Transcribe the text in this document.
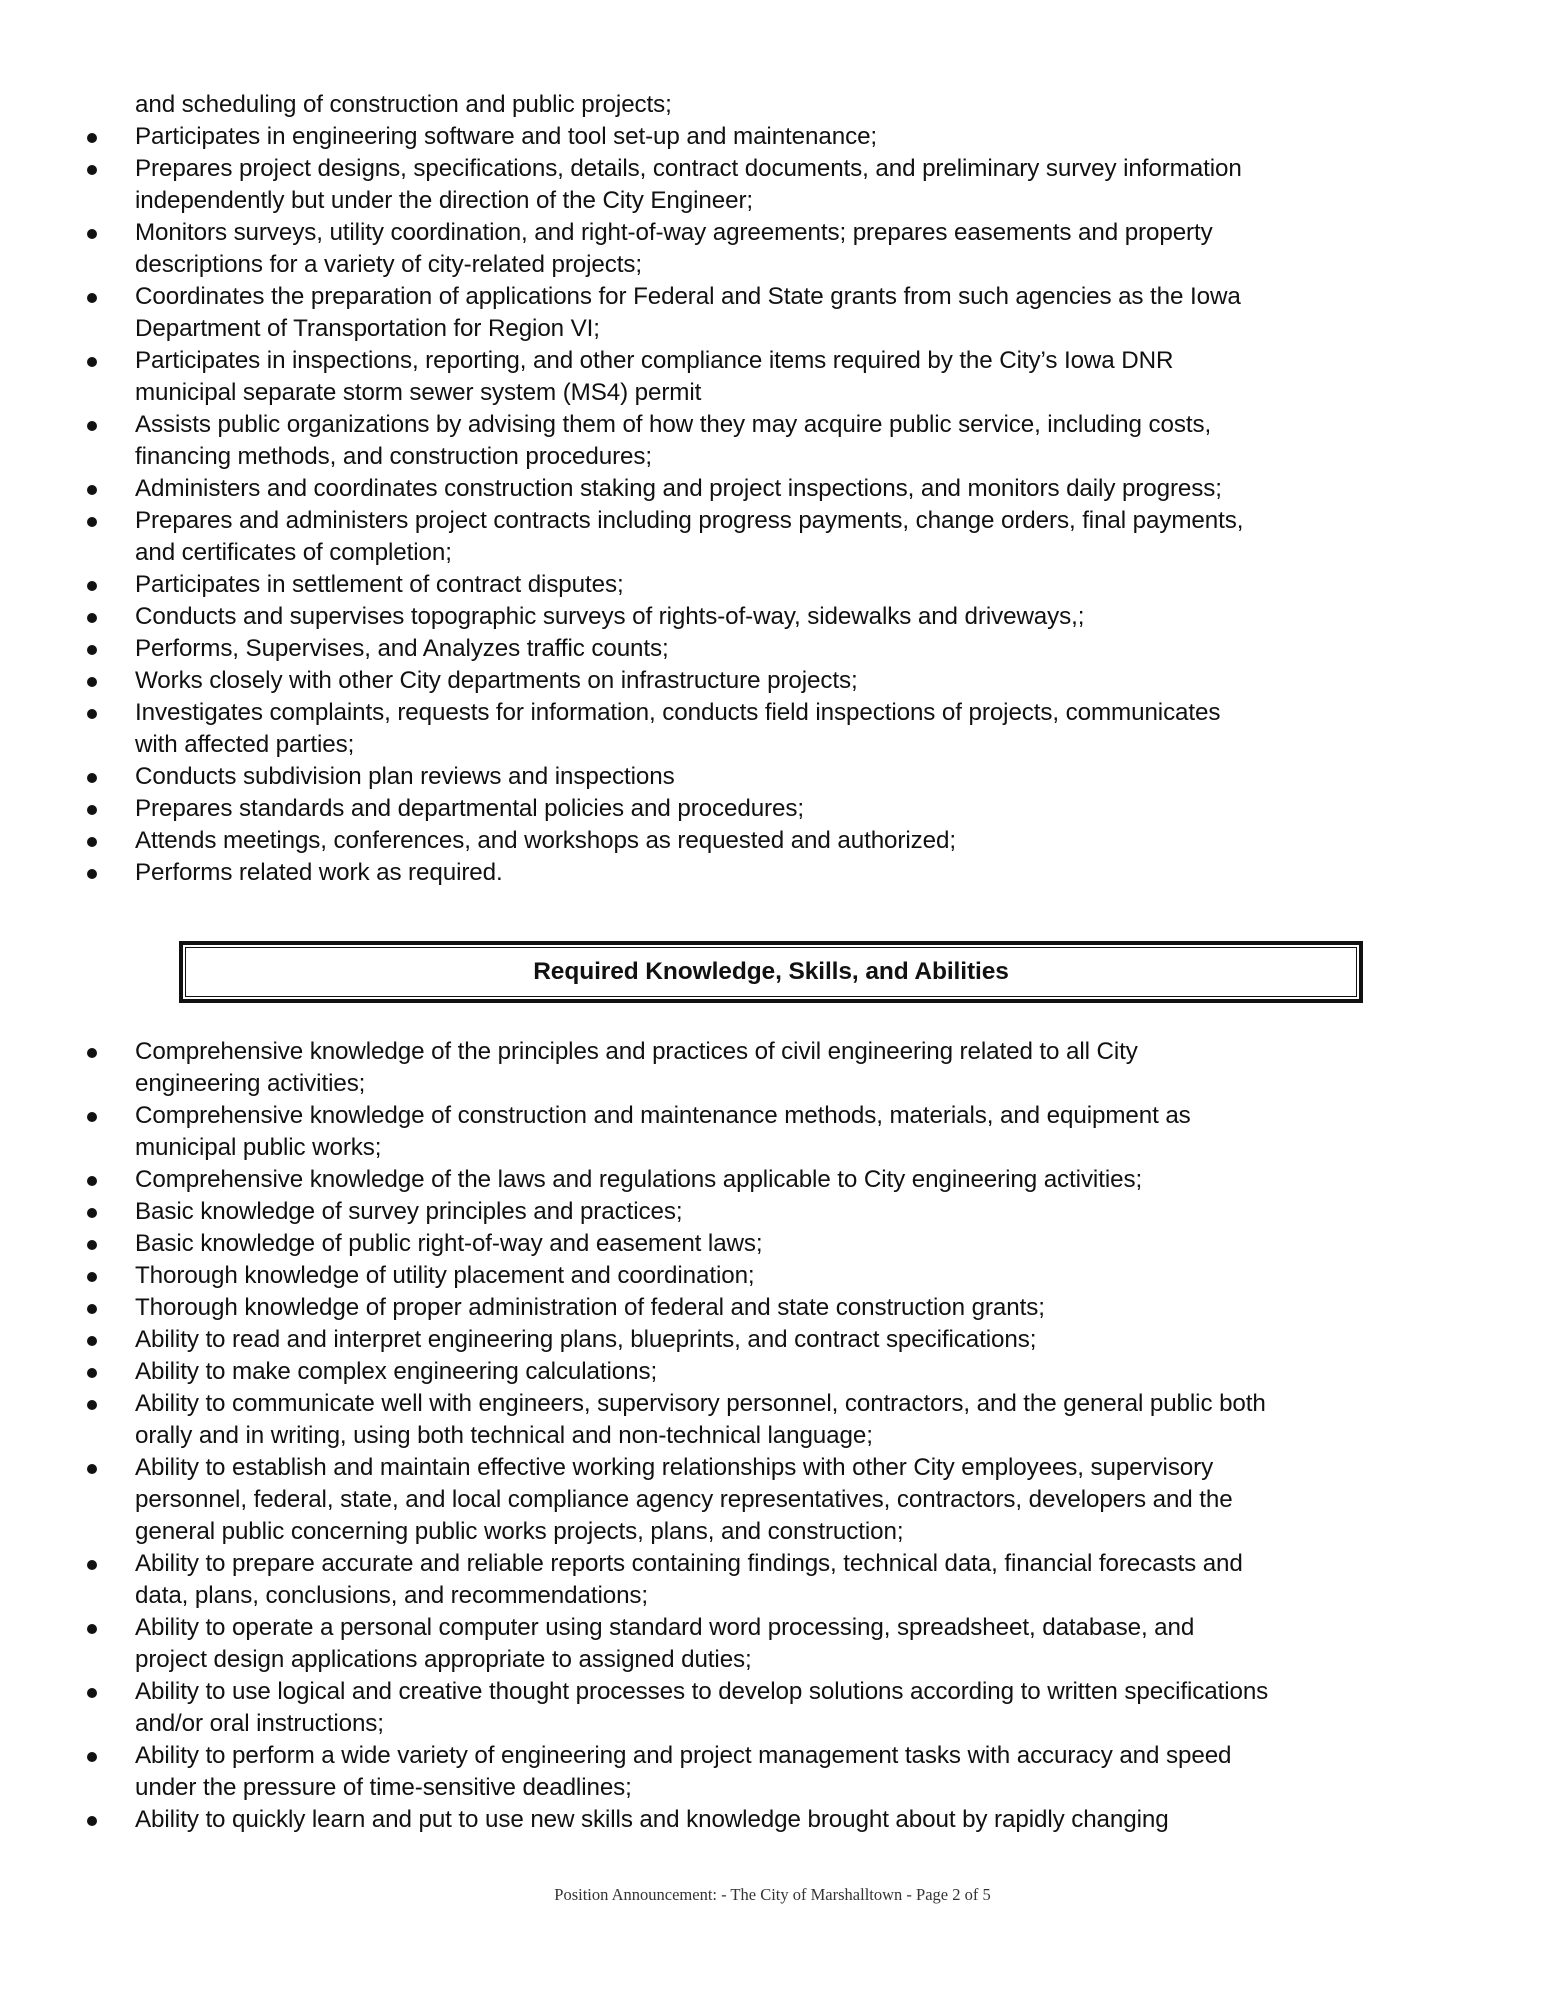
and scheduling of construction and public projects;
Participates in engineering software and tool set-up and maintenance;
Prepares project designs, specifications, details, contract documents, and preliminary survey information
independently but under the direction of the City Engineer;
Monitors surveys, utility coordination, and right-of-way agreements; prepares easements and property
descriptions for a variety of city-related projects;
Coordinates the preparation of applications for Federal and State grants from such agencies as the Iowa
Department of Transportation for Region VI;
Participates in inspections, reporting, and other compliance items required by the City’s Iowa DNR
municipal separate storm sewer system (MS4) permit
Assists public organizations by advising them of how they may acquire public service, including costs,
financing methods, and construction procedures;
Administers and coordinates construction staking and project inspections, and monitors daily progress;
Prepares and administers project contracts including progress payments, change orders, final payments,
and certificates of completion;
Participates in settlement of contract disputes;
Conducts and supervises topographic surveys of rights-of-way, sidewalks and driveways,;
Performs, Supervises, and Analyzes traffic counts;
Works closely with other City departments on infrastructure projects;
Investigates complaints, requests for information, conducts field inspections of projects, communicates
with affected parties;
Conducts subdivision plan reviews and inspections
Prepares standards and departmental policies and procedures;
Attends meetings, conferences, and workshops as requested and authorized;
Performs related work as required.
Required Knowledge, Skills, and Abilities
Comprehensive knowledge of the principles and practices of civil engineering related to all City
engineering activities;
Comprehensive knowledge of construction and maintenance methods, materials, and equipment as
municipal public works;
Comprehensive knowledge of the laws and regulations applicable to City engineering activities;
Basic knowledge of survey principles and practices;
Basic knowledge of public right-of-way and easement laws;
Thorough knowledge of utility placement and coordination;
Thorough knowledge of proper administration of federal and state construction grants;
Ability to read and interpret engineering plans, blueprints, and contract specifications;
Ability to make complex engineering calculations;
Ability to communicate well with engineers, supervisory personnel, contractors, and the general public both
orally and in writing, using both technical and non-technical language;
Ability to establish and maintain effective working relationships with other City employees, supervisory
personnel, federal, state, and local compliance agency representatives, contractors, developers and the
general public concerning public works projects, plans, and construction;
Ability to prepare accurate and reliable reports containing findings, technical data, financial forecasts and
data, plans, conclusions, and recommendations;
Ability to operate a personal computer using standard word processing, spreadsheet, database, and
project design applications appropriate to assigned duties;
Ability to use logical and creative thought processes to develop solutions according to written specifications
and/or oral instructions;
Ability to perform a wide variety of engineering and project management tasks with accuracy and speed
under the pressure of time-sensitive deadlines;
Ability to quickly learn and put to use new skills and knowledge brought about by rapidly changing
Position Announcement: - The City of Marshalltown - Page 2 of 5
